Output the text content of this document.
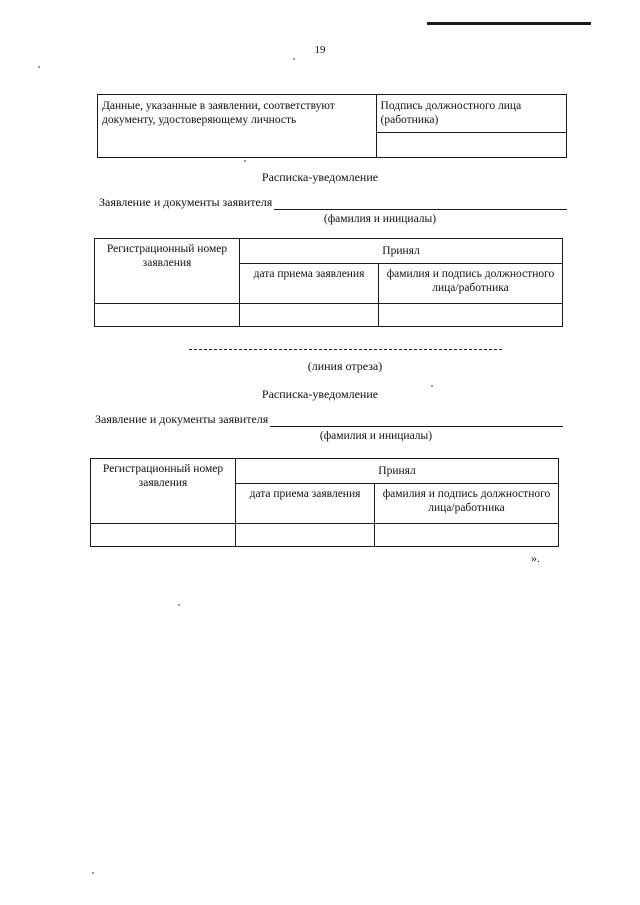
19
Данные, указанные в заявлении, соответствуют документу, удостоверяющему личность	Подпись должностного лица (работника)

Расписка-уведомление
Заявление и документы заявителя
(фамилия и инициалы)
Регистрационный номер заявления	Принял	
	дата приема заявления	фамилия и подпись должностного лица/работника

(линия отреза)
Расписка-уведомление
Заявление и документы заявителя
(фамилия и инициалы)
Регистрационный номер заявления	Принял	
	дата приема заявления	фамилия и подпись должностного лица/работника

».
